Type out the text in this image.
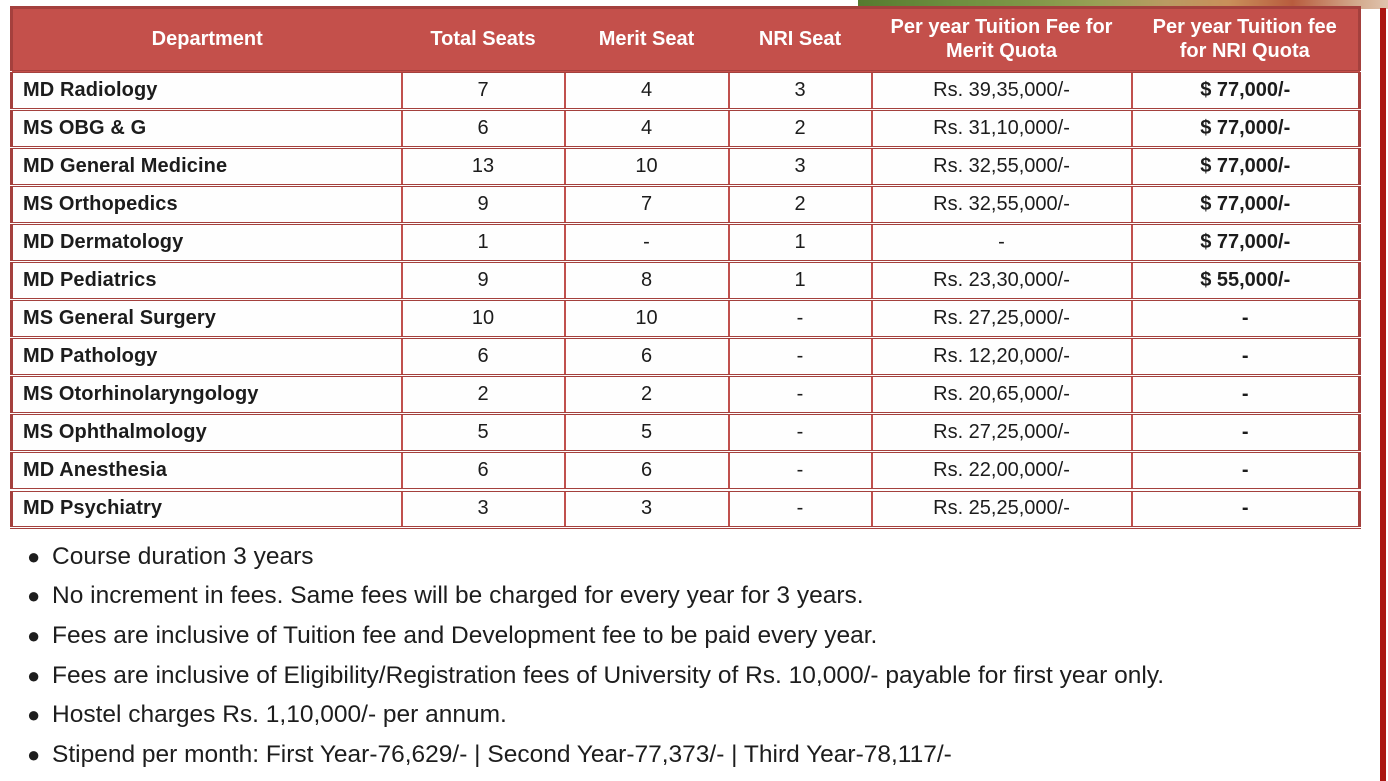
Department	Total Seats	Merit Seat	NRI Seat	Per year Tuition Fee for Merit Quota	Per year Tuition fee for NRI Quota
MD Radiology	7	4	3	Rs. 39,35,000/-	$ 77,000/-
MS OBG & G	6	4	2	Rs. 31,10,000/-	$ 77,000/-
MD General Medicine	13	10	3	Rs. 32,55,000/-	$ 77,000/-
MS Orthopedics	9	7	2	Rs. 32,55,000/-	$ 77,000/-
MD Dermatology	1	-	1	-	$ 77,000/-
MD Pediatrics	9	8	1	Rs. 23,30,000/-	$ 55,000/-
MS General Surgery	10	10	-	Rs. 27,25,000/-	-
MD Pathology	6	6	-	Rs. 12,20,000/-	-
MS Otorhinolaryngology	2	2	-	Rs. 20,65,000/-	-
MS Ophthalmology	5	5	-	Rs. 27,25,000/-	-
MD Anesthesia	6	6	-	Rs. 22,00,000/-	-
MD Psychiatry	3	3	-	Rs. 25,25,000/-	-
● Course duration 3 years
● No increment in fees. Same fees will be charged for every year for 3 years.
● Fees are inclusive of Tuition fee and Development fee to be paid every year.
● Fees are inclusive of Eligibility/Registration fees of University of Rs. 10,000/- payable for first year only.
● Hostel charges Rs. 1,10,000/- per annum.
● Stipend per month: First Year-76,629/- | Second Year-77,373/- | Third Year-78,117/-
